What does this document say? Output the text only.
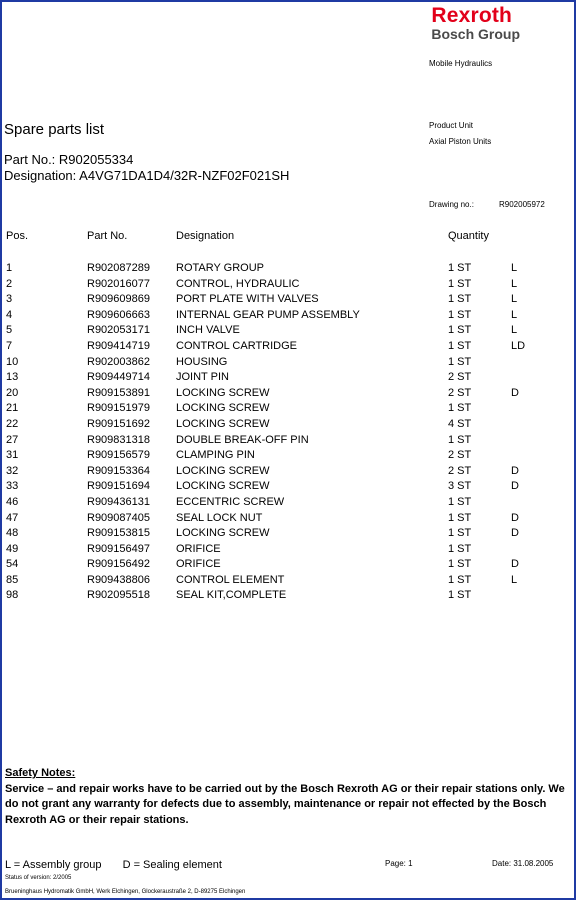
Rexroth
Bosch Group
Mobile Hydraulics
Product Unit
Axial Piston Units
Spare parts list
Part No.: R902055334
Designation: A4VG71DA1D4/32R-NZF02F021SH
Drawing no.:	R902005972
Pos.	Part No.	Designation	Quantity
1	R902087289 ROTARY GROUP	1 ST	L
2	R902016077 CONTROL, HYDRAULIC	1 ST	L
3	R909609869 PORT PLATE WITH VALVES	1 ST	L
4	R909606663 INTERNAL GEAR PUMP ASSEMBLY	1 ST	L
5	R902053171 INCH VALVE	1 ST	L
7	R909414719 CONTROL CARTRIDGE	1 ST	LD
10	R902003862 HOUSING	1 ST
13	R909449714 JOINT PIN	2 ST
20	R909153891 LOCKING SCREW	2 ST	D
21	R909151979 LOCKING SCREW	1 ST
22	R909151692 LOCKING SCREW	4 ST
27	R909831318 DOUBLE BREAK-OFF PIN	1 ST
31	R909156579 CLAMPING PIN	2 ST
32	R909153364 LOCKING SCREW	2 ST	D
33	R909151694 LOCKING SCREW	3 ST	D
46	R909436131 ECCENTRIC SCREW	1 ST
47	R909087405 SEAL LOCK NUT	1 ST	D
48	R909153815 LOCKING SCREW	1 ST	D
49	R909156497 ORIFICE	1 ST
54	R909156492 ORIFICE	1 ST	D
85	R909438806 CONTROL ELEMENT	1 ST	L
98	R902095518 SEAL KIT,COMPLETE	1 ST
Safety Notes:
Service – and repair works have to be carried out by the Bosch Rexroth AG or their repair stations only. We do not grant any warranty for defects due to assembly, maintenance or repair not effected by the Bosch Rexroth AG or their repair stations.
L = Assembly group D = Sealing element	Page: 1	Date: 31.08.2005
Status of version: 2/2005
Brueninghaus Hydromatik GmbH, Werk Elchingen, Glockeraustraße 2, D-89275 Elchingen
